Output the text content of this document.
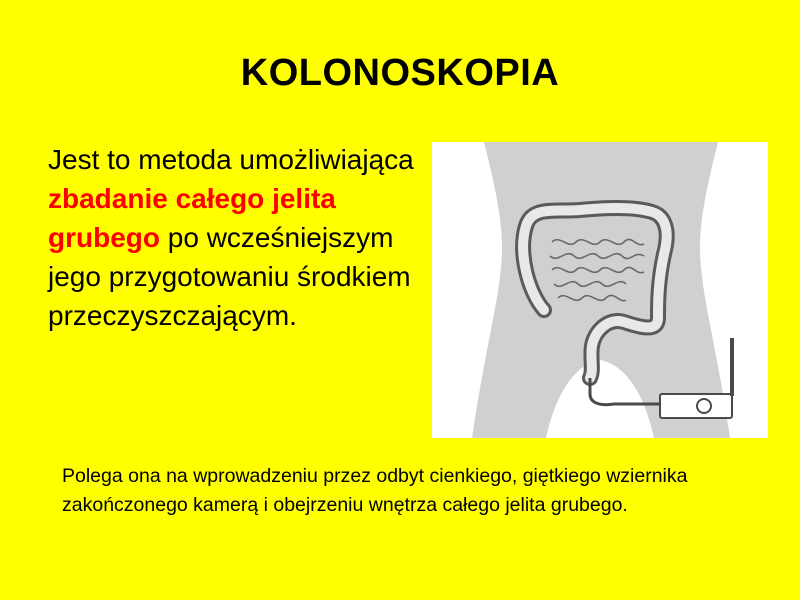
KOLONOSKOPIA
Jest to metoda umożliwiająca zbadanie całego jelita grubego po wcześniejszym jego przygotowaniu środkiem przeczyszczającym.
Polega ona na wprowadzeniu przez odbyt cienkiego, giętkiego wziernika zakończonego kamerą i obejrzeniu wnętrza całego jelita grubego.
